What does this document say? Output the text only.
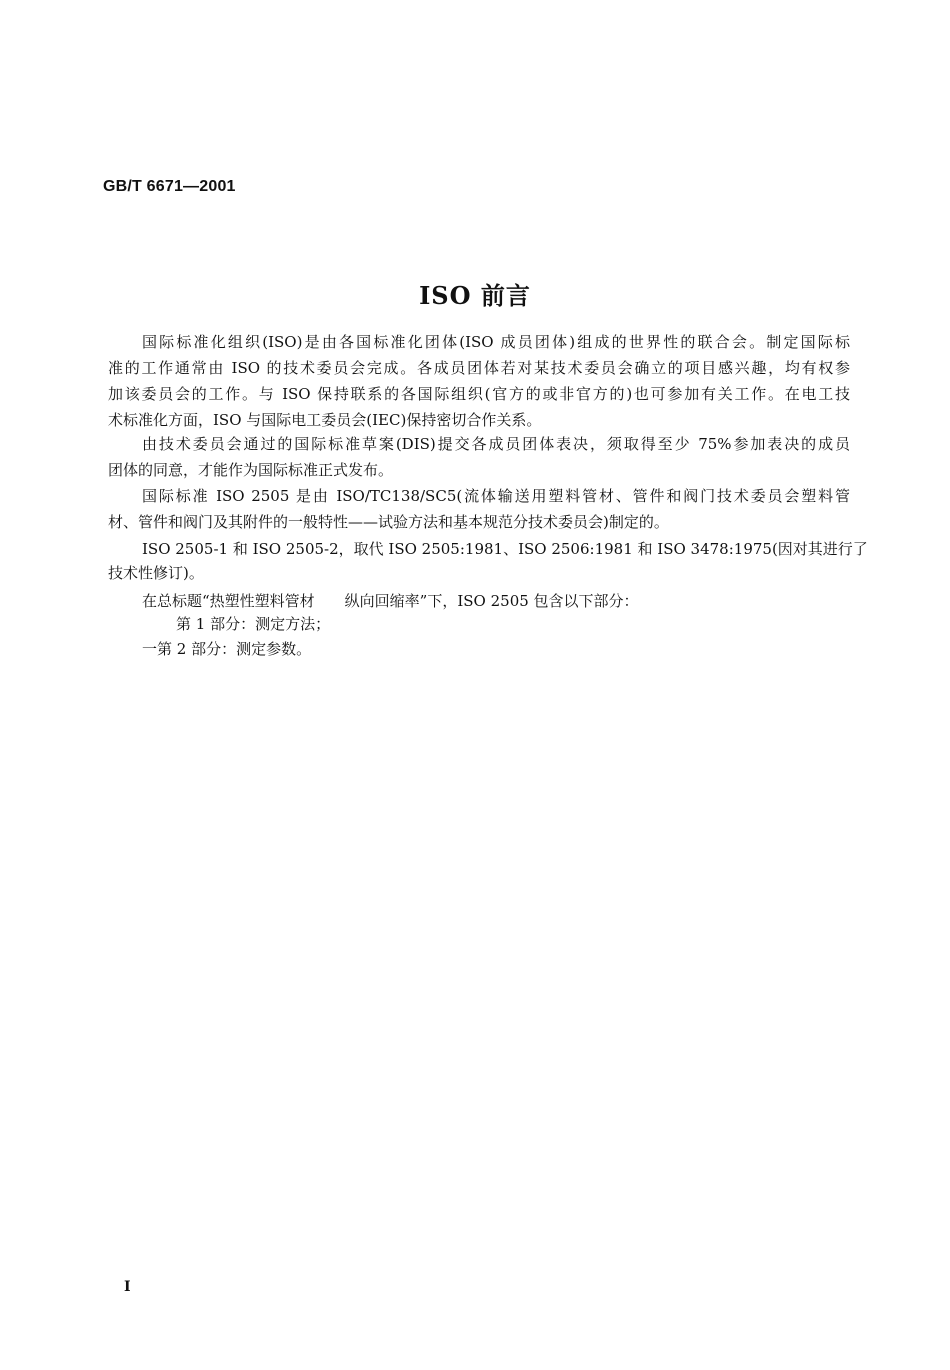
GB/T 6671—2001
ISO 前言
国际标准化组织(ISO)是由各国标准化团体(ISO 成员团体)组成的世界性的联合会。制定国际标
准的工作通常由 ISO 的技术委员会完成。各成员团体若对某技术委员会确立的项目感兴趣，均有权参
加该委员会的工作。与 ISO 保持联系的各国际组织(官方的或非官方的)也可参加有关工作。在电工技
术标准化方面，ISO 与国际电工委员会(IEC)保持密切合作关系。
由技术委员会通过的国际标准草案(DIS)提交各成员团体表决，须取得至少 75%参加表决的成员
团体的同意，才能作为国际标准正式发布。
国际标准 ISO 2505 是由 ISO/TC138/SC5(流体输送用塑料管材、管件和阀门技术委员会塑料管
材、管件和阀门及其附件的一般特性——试验方法和基本规范分技术委员会)制定的。
ISO 2505-1 和 ISO 2505-2，取代 ISO 2505:1981、ISO 2506:1981 和 ISO 3478:1975(因对其进行了
技术性修订)。
在总标题“热塑性塑料管材　　纵向回缩率”下，ISO 2505 包含以下部分：
第 1 部分：测定方法；
一第 2 部分：测定参数。
I
